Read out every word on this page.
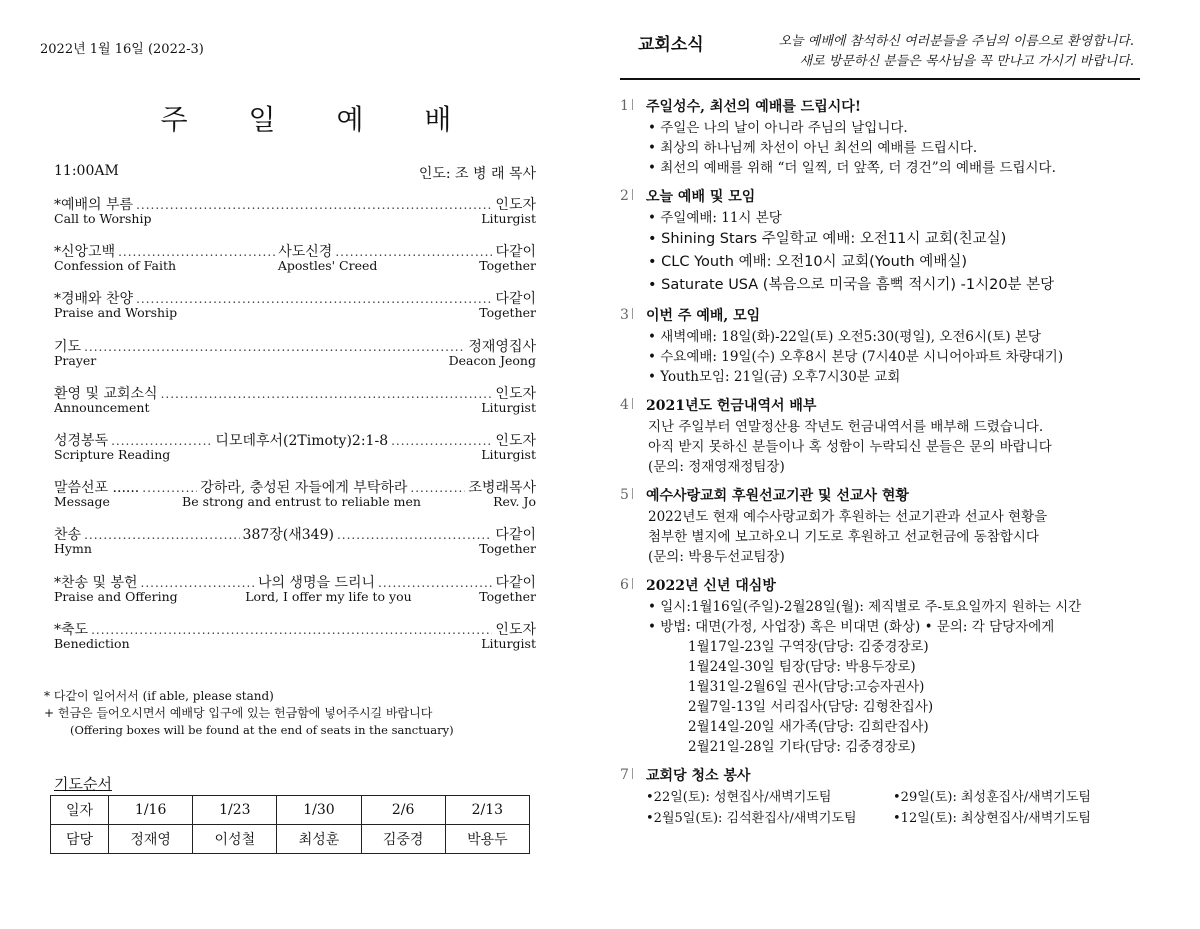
2022년 1월 16일 (2022-3)
주 일 예 배
11:00AM	인도: 조 병 래 목사
*예배의 부름 .....	인도자
Call to Worship	Liturgist
*신앙고백 .....	사도신경 .....	다같이
Confession of Faith	Apostles' Creed	Together
*경배와 찬양 .....	다같이
Praise and Worship	Together
기도 .....	정재영집사
Prayer	Deacon Jeong
환영 및 교회소식 .....	인도자
Announcement	Liturgist
성경봉독 .....	디모데후서(2Timoty)2:1-8 .....	인도자
Scripture Reading	Liturgist
말씀선포 ...... .....	강하라, 충성된 자들에게 부탁하라 .....	조병래목사
Message	Be strong and entrust to reliable men	Rev. Jo
찬송 .....	387장(새349) .....	다같이
Hymn	Together
*찬송 및 봉헌 .....	나의 생명을 드리니 .....	다같이
Praise and Offering	Lord, I offer my life to you	Together
*축도 .....	인도자
Benediction	Liturgist
* 다같이 일어서서 (if able, please stand)
+ 헌금은 들어오시면서 예배당 입구에 있는 헌금함에 넣어주시길 바랍니다
(Offering boxes will be found at the end of seats in the sanctuary)
기도순서
일자	1/16	1/23	1/30	2/6	2/13
담당	정재영	이성철	최성훈	김중경	박용두
교회소식	오늘 예배에 참석하신 여러분들을 주님의 이름으로 환영합니다.
새로 방문하신 분들은 목사님을 꼭 만나고 가시기 바랍니다.
1 주일성수, 최선의 예배를 드립시다!
• 주일은 나의 날이 아니라 주님의 날입니다.
• 최상의 하나님께 차선이 아닌 최선의 예배를 드립시다.
• 최선의 예배를 위해 “더 일찍, 더 앞쪽, 더 경건”의 예배를 드립시다.
2 오늘 예배 및 모임
• 주일예배: 11시 본당
• Shining Stars 주일학교 예배: 오전11시 교회(친교실)
• CLC Youth 예배: 오전10시 교회(Youth 예배실)
• Saturate USA (복음으로 미국을 흠뻑 적시기) -1시20분 본당
3 이번 주 예배, 모임
• 새벽예배: 18일(화)-22일(토) 오전5:30(평일), 오전6시(토) 본당
• 수요예배: 19일(수) 오후8시 본당 (7시40분 시니어아파트 차량대기)
• Youth모임: 21일(금) 오후7시30분 교회
4 2021년도 헌금내역서 배부
지난 주일부터 연말정산용 작년도 헌금내역서를 배부해 드렸습니다.
아직 받지 못하신 분들이나 혹 성함이 누락되신 분들은 문의 바랍니다
(문의: 정재영재정팀장)
5 예수사랑교회 후원선교기관 및 선교사 현황
2022년도 현재 예수사랑교회가 후원하는 선교기관과 선교사 현황을
첨부한 별지에 보고하오니 기도로 후원하고 선교헌금에 동참합시다
(문의: 박용두선교팀장)
6 2022년 신년 대심방
• 일시:1월16일(주일)-2월28일(월): 제직별로 주-토요일까지 원하는 시간
• 방법: 대면(가정, 사업장) 혹은 비대면 (화상) • 문의: 각 담당자에게
1월17일-23일 구역장(담당: 김중경장로)
1월24일-30일 팀장(담당: 박용두장로)
1월31일-2월6일 권사(담당:고승자권사)
2월7일-13일 서리집사(담당: 김형찬집사)
2월14일-20일 새가족(담당: 김희란집사)
2월21일-28일 기타(담당: 김중경장로)
7 교회당 청소 봉사
•22일(토): 성현집사/새벽기도팀	•29일(토): 최성훈집사/새벽기도팀
•2월5일(토): 김석환집사/새벽기도팀	•12일(토): 최상현집사/새벽기도팀
